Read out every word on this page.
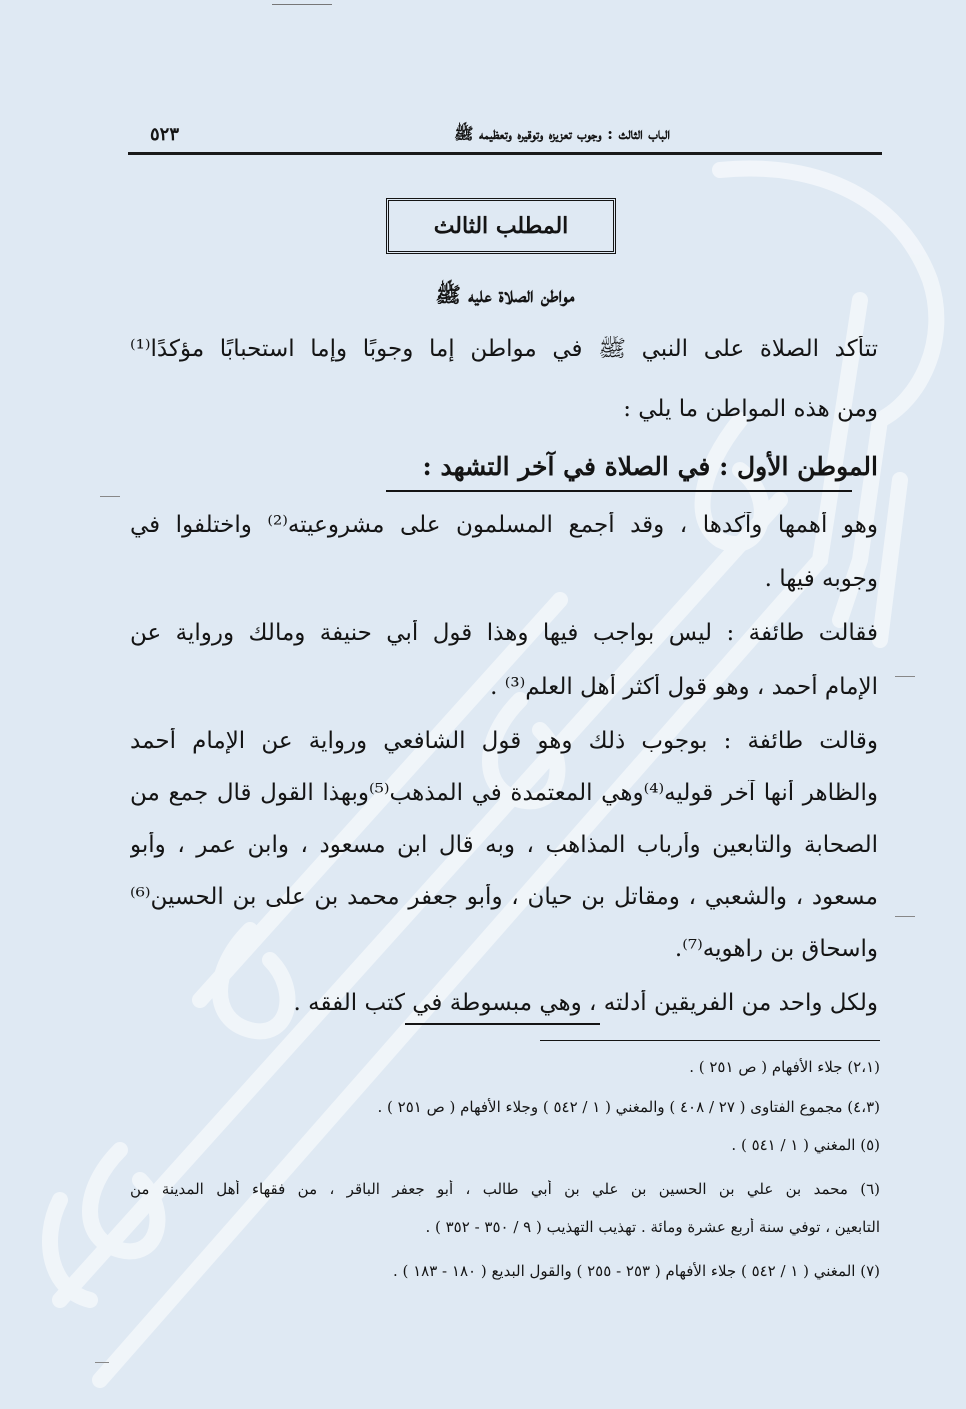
الباب الثالث : وجوب تعزيزه وتوقيره وتعظيمه ﷺ
٥٢٣
المطلب الثالث
مواطن الصلاة عليه ﷺ
تتأكد الصلاة على النبي ﷺ في مواطن إما وجوبًا وإما استحبابًا مؤكدًا⁽¹⁾
ومن هذه المواطن ما يلي :
الموطن الأول : في الصلاة في آخر التشهد :
وهو أهمها وآكدها ، وقد أجمع المسلمون على مشروعيته⁽²⁾ واختلفوا في
وجوبه فيها .
فقالت طائفة : ليس بواجب فيها وهذا قول أبي حنيفة ومالك ورواية عن
الإمام أحمد ، وهو قول أكثر أهل العلم⁽³⁾ .
وقالت طائفة : بوجوب ذلك وهو قول الشافعي ورواية عن الإمام أحمد
والظاهر أنها آخر قوليه⁽⁴⁾وهي المعتمدة في المذهب⁽⁵⁾وبهذا القول قال جمع من
الصحابة والتابعين وأرباب المذاهب ، وبه قال ابن مسعود ، وابن عمر ، وأبو
مسعود ، والشعبي ، ومقاتل بن حيان ، وأبو جعفر محمد بن على بن الحسين⁽⁶⁾
واسحاق بن راهويه⁽⁷⁾.
ولكل واحد من الفريقين أدلته ، وهي مبسوطة في كتب الفقه .
(٢،١) جلاء الأفهام ( ص ٢٥١ ) .
(٤،٣) مجموع الفتاوى ( ٢٧ / ٤٠٨ ) والمغني ( ١ / ٥٤٢ ) وجلاء الأفهام ( ص ٢٥١ ) .
(٥) المغني ( ١ / ٥٤١ ) .
(٦) محمد بن علي بن الحسين بن علي بن أبي طالب ، أبو جعفر الباقر ، من فقهاء أهل المدينة من
التابعين ، توفي سنة أربع عشرة ومائة . تهذيب التهذيب ( ٩ / ٣٥٠ - ٣٥٢ ) .
(٧) المغني ( ١ / ٥٤٢ ) جلاء الأفهام ( ٢٥٣ - ٢٥٥ ) والقول البديع ( ١٨٠ - ١٨٣ ) .
